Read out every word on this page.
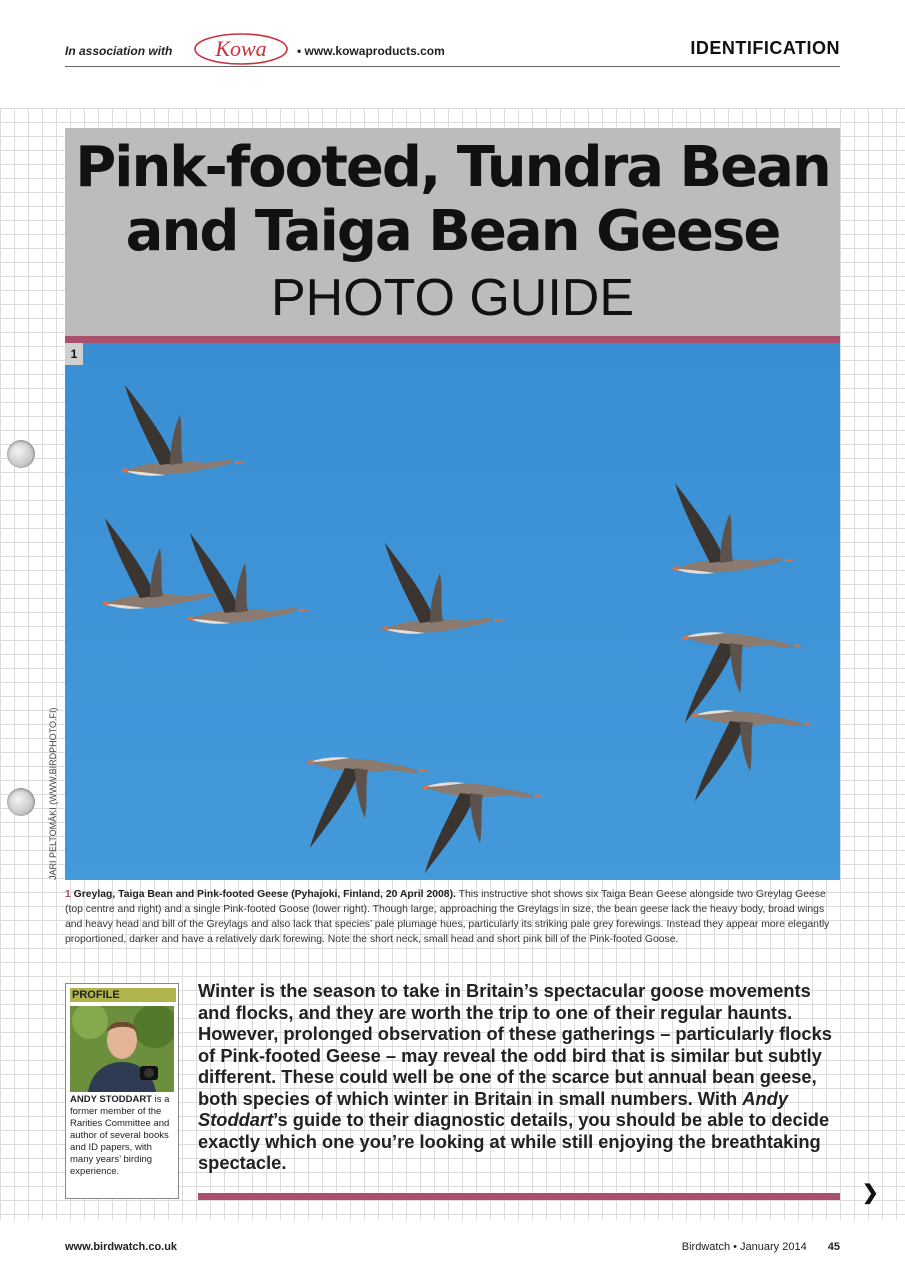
In association with Kowa	• www.kowaproducts.com	IDENTIFICATION
Pink-footed, Tundra Bean
and Taiga Bean Geese
PHOTO GUIDE
1
JARI PELTOMÄKI (WWW.BIRDPHOTO.FI)
1 Greylag, Taiga Bean and Pink-footed Geese (Pyhajoki, Finland, 20 April 2008). This instructive shot shows six Taiga Bean Geese alongside two Greylag Geese (top centre and right) and a single Pink-footed Goose (lower right). Though large, approaching the Greylags in size, the bean geese lack the heavy body, broad wings and heavy head and bill of the Greylags and also lack that species’ pale plumage hues, particularly its striking pale grey forewings. Instead they appear more elegantly proportioned, darker and have a relatively dark forewing. Note the short neck, small head and short pink bill of the Pink-footed Goose.
PROFILE
ANDY STODDART is a former member of the Rarities Committee and author of several books and ID papers, with many years’ birding experience.
Winter is the season to take in Britain’s spectacular goose movements and flocks, and they are worth the trip to one of their regular haunts. However, prolonged observation of these gatherings – particularly flocks of Pink-footed Geese – may reveal the odd bird that is similar but subtly different. These could well be one of the scarce but annual bean geese, both species of which winter in Britain in small numbers. With Andy Stoddart’s guide to their diagnostic details, you should be able to decide exactly which one you’re looking at while still enjoying the breathtaking spectacle.
❯
www.birdwatch.co.uk	Birdwatch • January 2014 45
